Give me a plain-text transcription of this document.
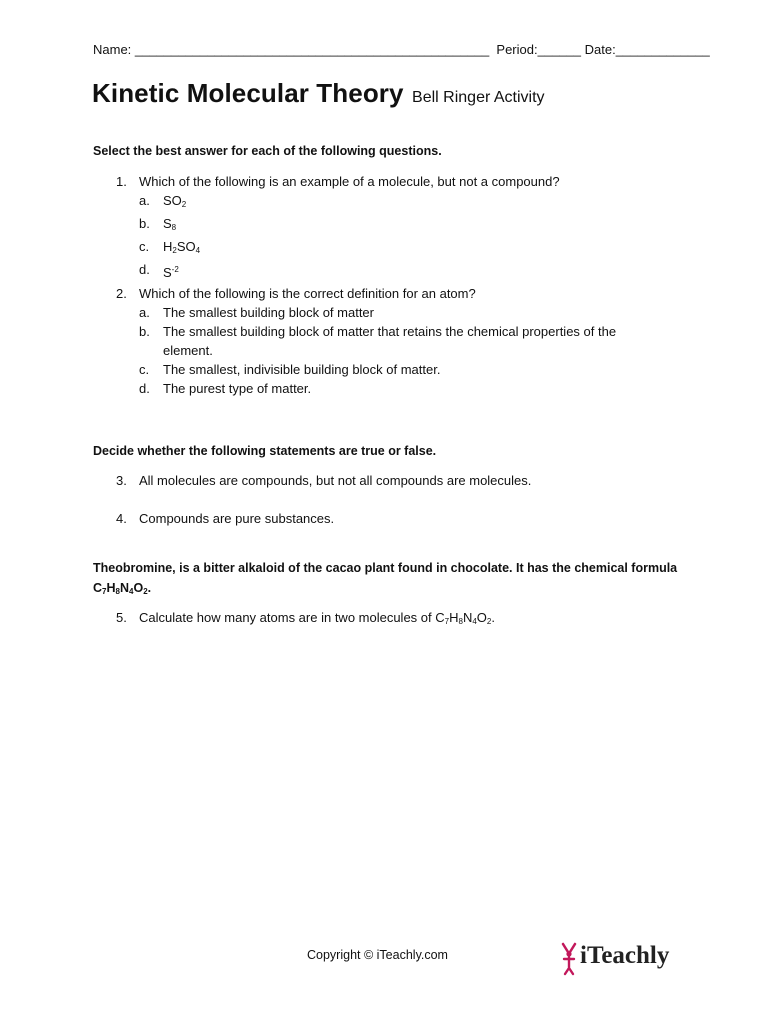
Name: _________________________________________________  Period:______ Date:_____________
Kinetic Molecular Theory Bell Ringer Activity
Select the best answer for each of the following questions.
1. Which of the following is an example of a molecule, but not a compound?
a. $SO_2$
b. $S_8$
c. $H_2SO_4$
d. $S^{-2}$
2. Which of the following is the correct definition for an atom?
a. The smallest building block of matter
b. The smallest building block of matter that retains the chemical properties of the element.
c. The smallest, indivisible building block of matter.
d. The purest type of matter.
Decide whether the following statements are true or false.
3. All molecules are compounds, but not all compounds are molecules.
4. Compounds are pure substances.
Theobromine, is a bitter alkaloid of the cacao plant found in chocolate. It has the chemical formula
$C_7H_8N_4O_2$.
5. Calculate how many atoms are in two molecules of $C_7H_8N_4O_2$.
Copyright © iTeachly.com	iTeachly
